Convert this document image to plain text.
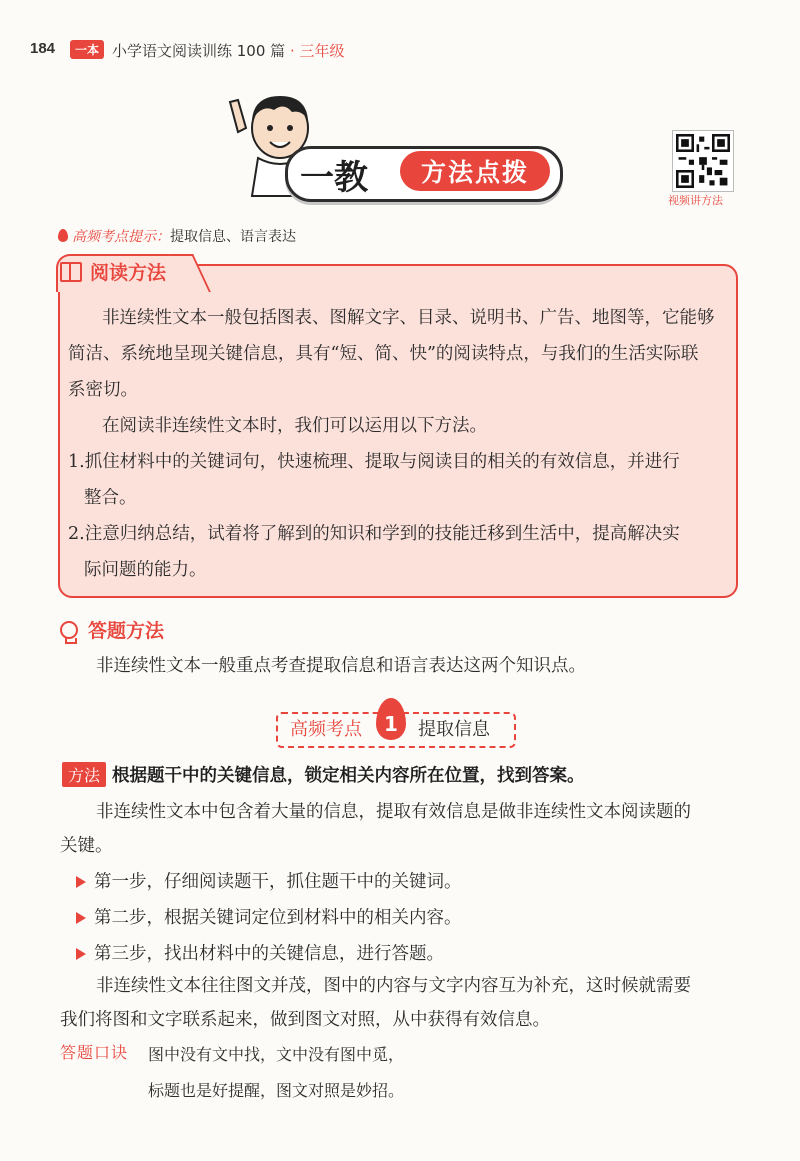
184	一本 小学语文阅读训练 100 篇 · 三年级
一教	方法点拨
视频讲方法
高频考点提示：提取信息、语言表达
阅读方法
非连续性文本一般包括图表、图解文字、目录、说明书、广告、地图等，它能够
简洁、系统地呈现关键信息，具有“短、简、快”的阅读特点，与我们的生活实际联
系密切。
在阅读非连续性文本时，我们可以运用以下方法。
1.抓住材料中的关键词句，快速梳理、提取与阅读目的相关的有效信息，并进行
整合。
2.注意归纳总结，试着将了解到的知识和学到的技能迁移到生活中，提高解决实
际问题的能力。
答题方法
非连续性文本一般重点考查提取信息和语言表达这两个知识点。
高频考点	1	提取信息
方法 根据题干中的关键信息，锁定相关内容所在位置，找到答案。
非连续性文本中包含着大量的信息，提取有效信息是做非连续性文本阅读题的
关键。
第一步，仔细阅读题干，抓住题干中的关键词。
第二步，根据关键词定位到材料中的相关内容。
第三步，找出材料中的关键信息，进行答题。
非连续性文本往往图文并茂，图中的内容与文字内容互为补充，这时候就需要
我们将图和文字联系起来，做到图文对照，从中获得有效信息。
答题口诀 图中没有文中找，文中没有图中觅，
标题也是好提醒，图文对照是妙招。
